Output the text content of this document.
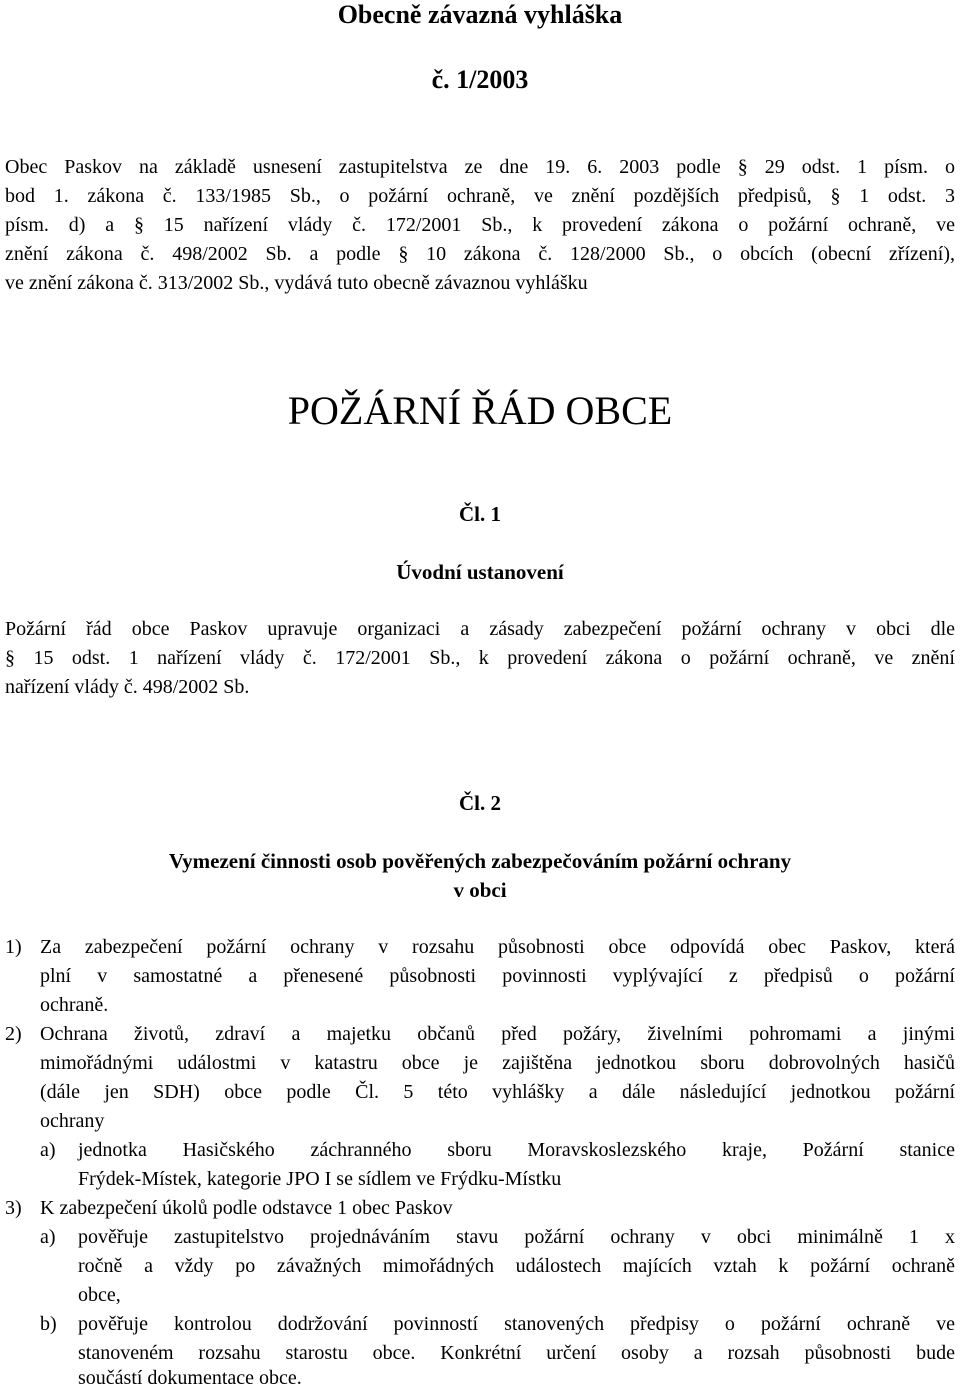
Obecně závazná vyhláška
č. 1/2003
Obec Paskov na základě usnesení zastupitelstva ze dne 19. 6. 2003 podle § 29 odst. 1 písm. o
bod 1. zákona č. 133/1985 Sb., o požární ochraně, ve znění pozdějších předpisů, § 1 odst. 3
písm. d) a § 15 nařízení vlády č. 172/2001 Sb., k provedení zákona o požární ochraně, ve
znění zákona č. 498/2002 Sb. a podle § 10 zákona č. 128/2000 Sb., o obcích (obecní zřízení),
ve znění zákona č. 313/2002 Sb., vydává tuto obecně závaznou vyhlášku
POŽÁRNÍ ŘÁD OBCE
Čl. 1
Úvodní ustanovení
Požární řád obce Paskov upravuje organizaci a zásady zabezpečení požární ochrany v obci dle
§ 15 odst. 1 nařízení vlády č. 172/2001 Sb., k provedení zákona o požární ochraně, ve znění
nařízení vlády č. 498/2002 Sb.
Čl. 2
Vymezení činnosti osob pověřených zabezpečováním požární ochrany
v obci
1) Za zabezpečení požární ochrany v rozsahu působnosti obce odpovídá obec Paskov, která
plní v samostatné a přenesené působnosti povinnosti vyplývající z předpisů o požární
ochraně.
2) Ochrana životů, zdraví a majetku občanů před požáry, živelními pohromami a jinými
mimořádnými událostmi v katastru obce je zajištěna jednotkou sboru dobrovolných hasičů
(dále jen SDH) obce podle Čl. 5 této vyhlášky a dále následující jednotkou požární
ochrany
a) jednotka Hasičského záchranného sboru Moravskoslezského kraje, Požární stanice
Frýdek-Místek, kategorie JPO I se sídlem ve Frýdku-Místku
3) K zabezpečení úkolů podle odstavce 1 obec Paskov
a) pověřuje zastupitelstvo projednáváním stavu požární ochrany v obci minimálně 1 x
ročně a vždy po závažných mimořádných událostech majících vztah k požární ochraně
obce,
b) pověřuje kontrolou dodržování povinností stanovených předpisy o požární ochraně ve
stanoveném rozsahu starostu obce. Konkrétní určení osoby a rozsah působnosti bude
součástí dokumentace obce.
